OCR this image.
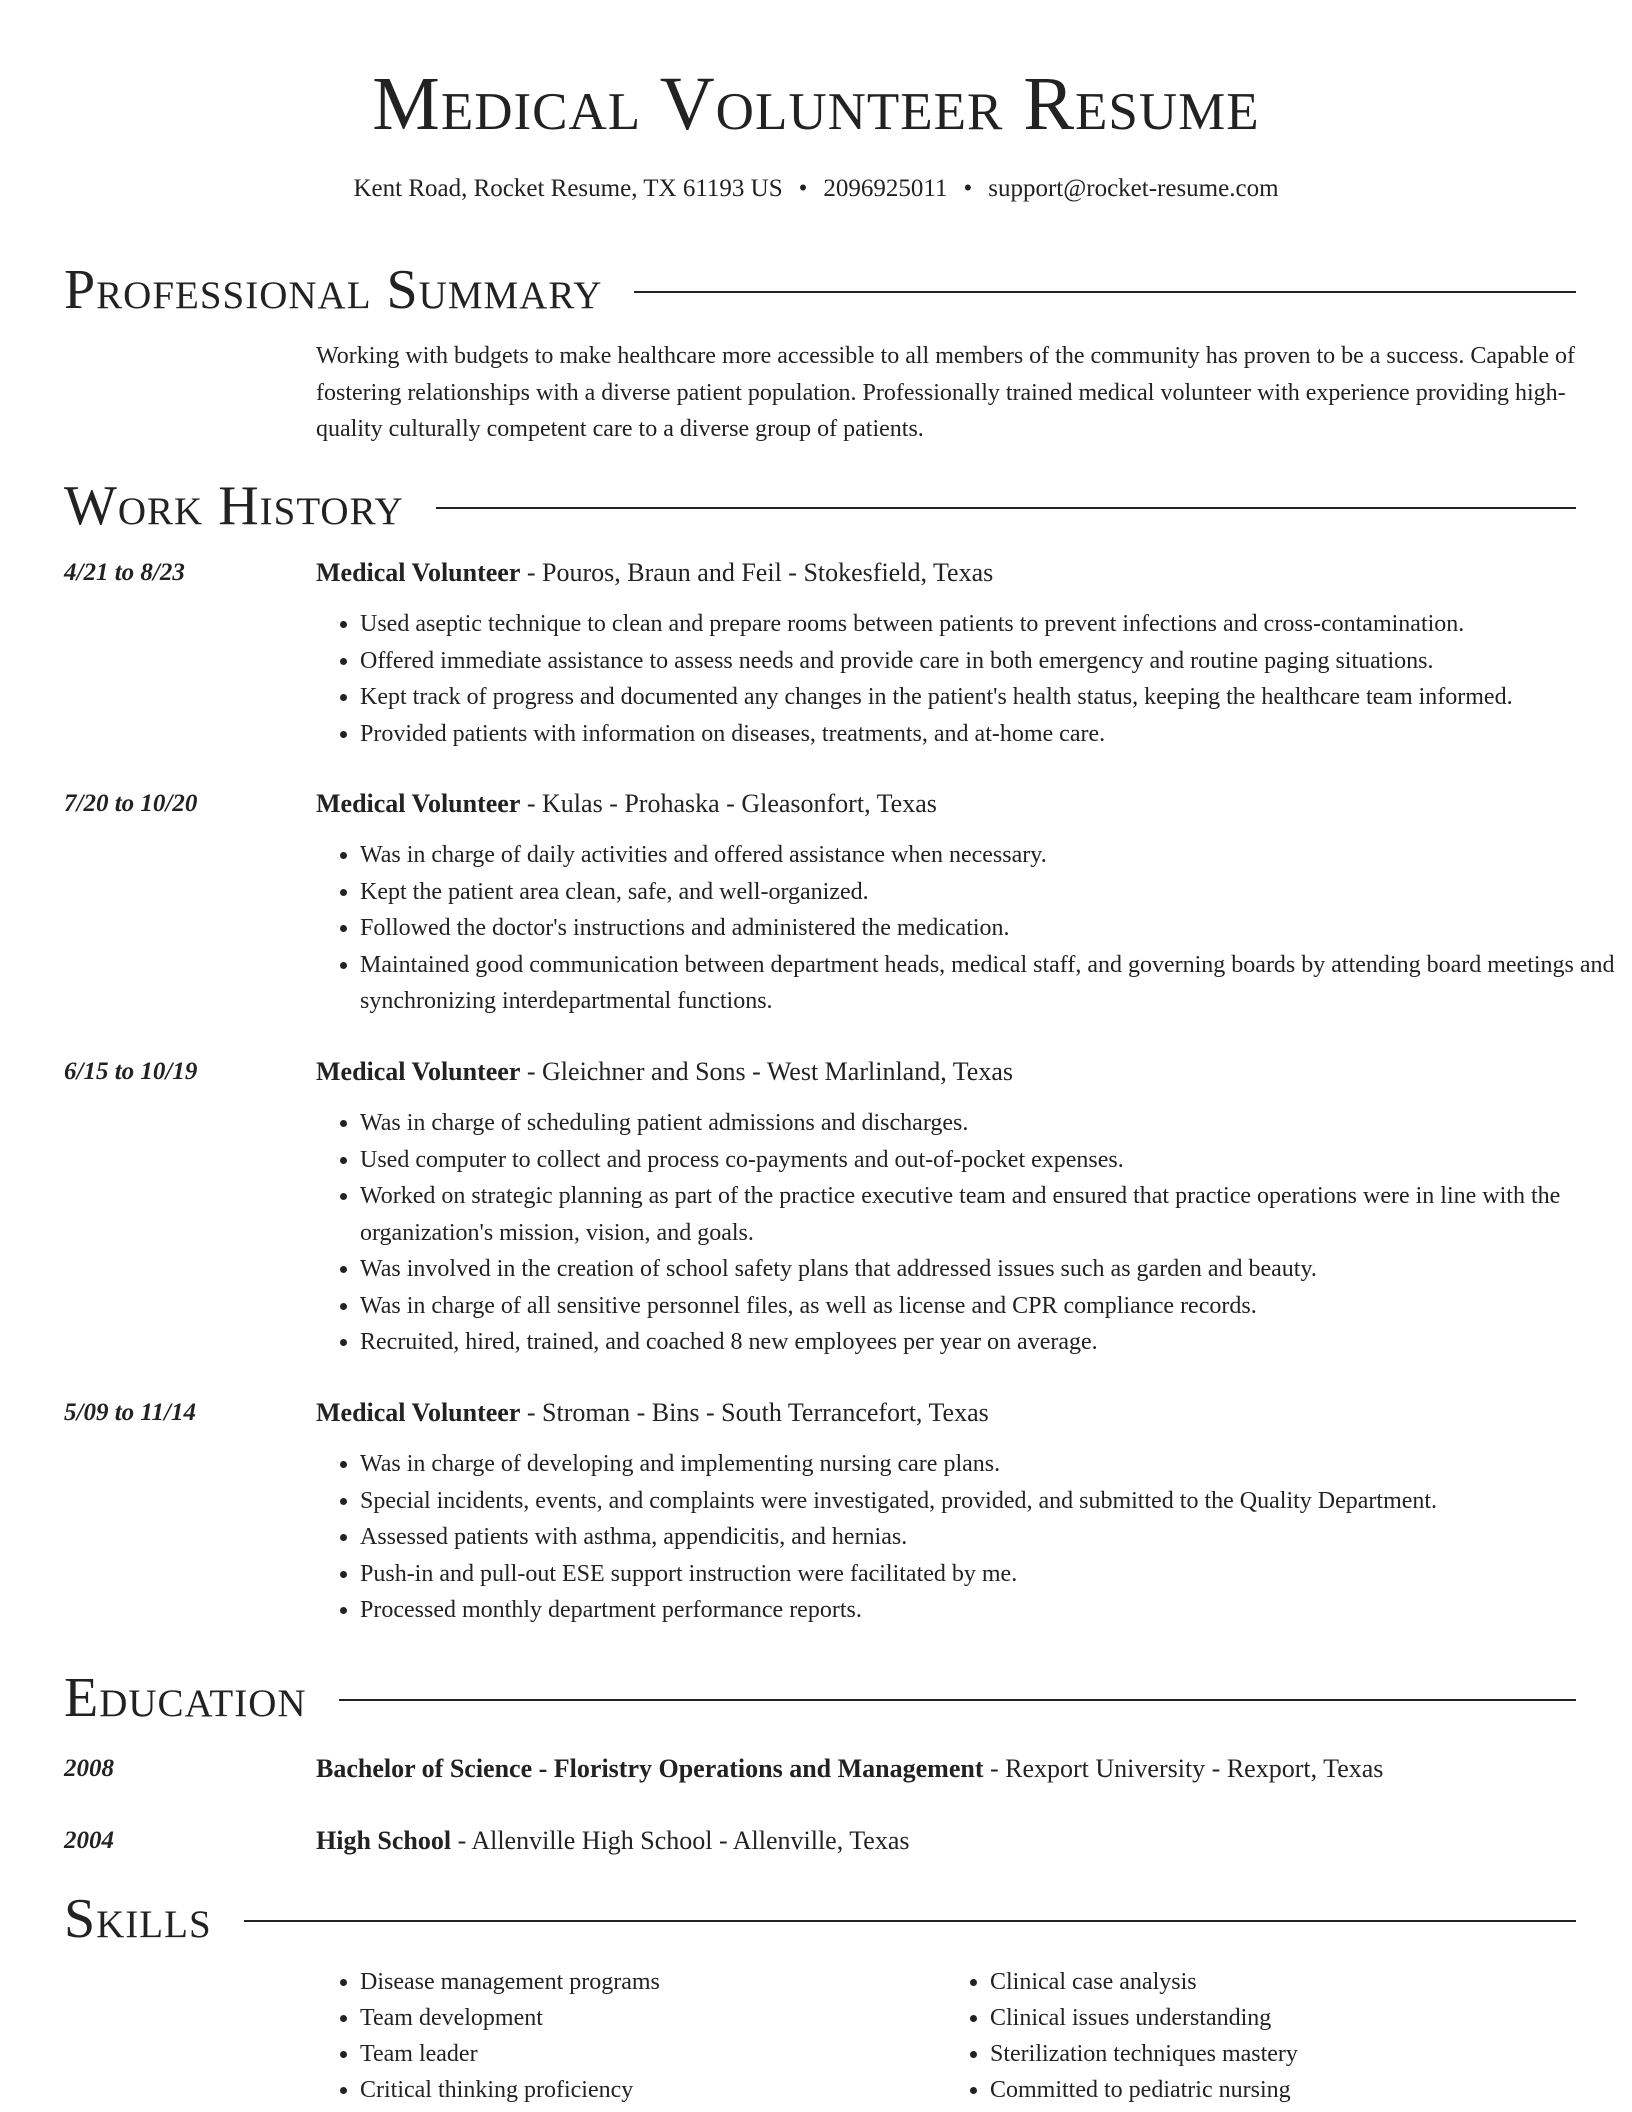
Medical Volunteer Resume
Kent Road, Rocket Resume, TX 61193 US • 2096925011 • support@rocket-resume.com
Professional Summary

Working with budgets to make healthcare more accessible to all members of the community has proven to be a success. Capable of fostering relationships with a diverse patient population. Professionally trained medical volunteer with experience providing high-quality culturally competent care to a diverse group of patients.

Work History
4/21 to 8/23	Medical Volunteer - Pouros, Braun and Feil - Stokesfield, Texas
• Used aseptic technique to clean and prepare rooms between patients to prevent infections and cross-contamination.
• Offered immediate assistance to assess needs and provide care in both emergency and routine paging situations.
• Kept track of progress and documented any changes in the patient's health status, keeping the healthcare team informed.
• Provided patients with information on diseases, treatments, and at-home care.
7/20 to 10/20	Medical Volunteer - Kulas - Prohaska - Gleasonfort, Texas
• Was in charge of daily activities and offered assistance when necessary.
• Kept the patient area clean, safe, and well-organized.
• Followed the doctor's instructions and administered the medication.
• Maintained good communication between department heads, medical staff, and governing boards by attending board meetings and synchronizing interdepartmental functions.
6/15 to 10/19	Medical Volunteer - Gleichner and Sons - West Marlinland, Texas
• Was in charge of scheduling patient admissions and discharges.
• Used computer to collect and process co-payments and out-of-pocket expenses.
• Worked on strategic planning as part of the practice executive team and ensured that practice operations were in line with the organization's mission, vision, and goals.
• Was involved in the creation of school safety plans that addressed issues such as garden and beauty.
• Was in charge of all sensitive personnel files, as well as license and CPR compliance records.
• Recruited, hired, trained, and coached 8 new employees per year on average.
5/09 to 11/14	Medical Volunteer - Stroman - Bins - South Terrancefort, Texas
• Was in charge of developing and implementing nursing care plans.
• Special incidents, events, and complaints were investigated, provided, and submitted to the Quality Department.
• Assessed patients with asthma, appendicitis, and hernias.
• Push-in and pull-out ESE support instruction were facilitated by me.
• Processed monthly department performance reports.
Education
2008	Bachelor of Science - Floristry Operations and Management - Rexport University - Rexport, Texas
2004	High School - Allenville High School - Allenville, Texas
Skills
• Disease management programs
• Team development
• Team leader
• Critical thinking proficiency
• Clinical case analysis
• Clinical issues understanding
• Sterilization techniques mastery
• Committed to pediatric nursing
